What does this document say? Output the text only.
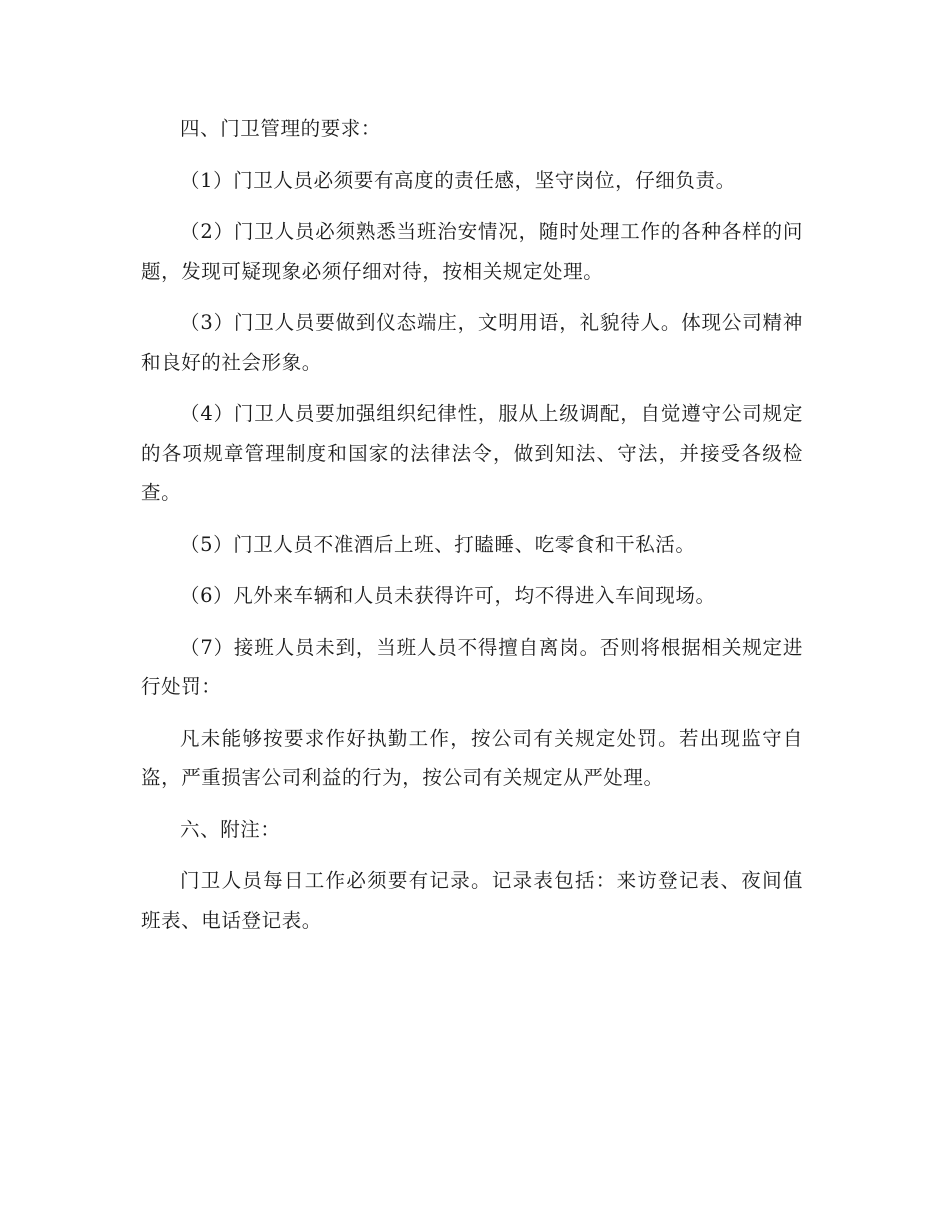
四、门卫管理的要求：

（1）门卫人员必须要有高度的责任感，坚守岗位，仔细负责。

（2）门卫人员必须熟悉当班治安情况，随时处理工作的各种各样的问题，发现可疑现象必须仔细对待，按相关规定处理。

（3）门卫人员要做到仪态端庄，文明用语，礼貌待人。体现公司精神和良好的社会形象。

（4）门卫人员要加强组织纪律性，服从上级调配，自觉遵守公司规定的各项规章管理制度和国家的法律法令，做到知法、守法，并接受各级检查。

（5）门卫人员不准酒后上班、打瞌睡、吃零食和干私活。

（6）凡外来车辆和人员未获得许可，均不得进入车间现场。

（7）接班人员未到，当班人员不得擅自离岗。否则将根据相关规定进行处罚：

凡未能够按要求作好执勤工作，按公司有关规定处罚。若出现监守自盗，严重损害公司利益的行为，按公司有关规定从严处理。

六、附注：

门卫人员每日工作必须要有记录。记录表包括：来访登记表、夜间值班表、电话登记表。
